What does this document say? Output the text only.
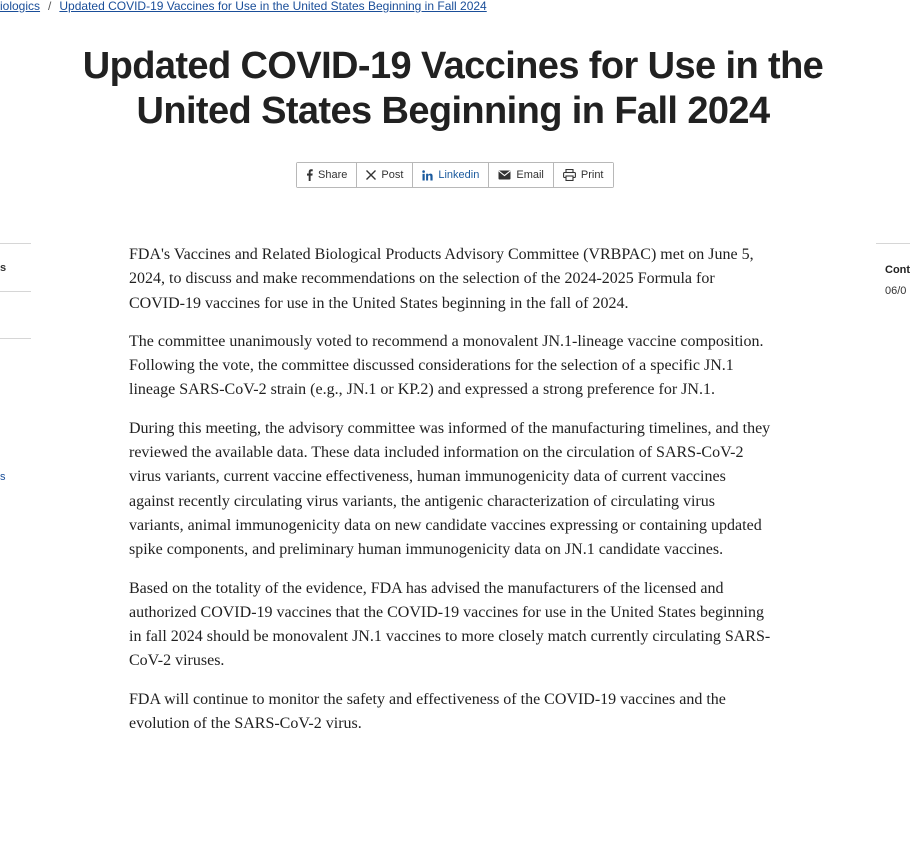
iologics / Updated COVID-19 Vaccines for Use in the United States Beginning in Fall 2024
Updated COVID-19 Vaccines for Use in the United States Beginning in Fall 2024
Share	Post	Linkedin	Email	Print
s
s
Cont
06/0

FDA's Vaccines and Related Biological Products Advisory Committee (VRBPAC) met on June 5, 2024, to discuss and make recommendations on the selection of the 2024-2025 Formula for COVID-19 vaccines for use in the United States beginning in the fall of 2024.

The committee unanimously voted to recommend a monovalent JN.1-lineage vaccine composition. Following the vote, the committee discussed considerations for the selection of a specific JN.1 lineage SARS-CoV-2 strain (e.g., JN.1 or KP.2) and expressed a strong preference for JN.1.

During this meeting, the advisory committee was informed of the manufacturing timelines, and they reviewed the available data. These data included information on the circulation of SARS-CoV-2 virus variants, current vaccine effectiveness, human immunogenicity data of current vaccines against recently circulating virus variants, the antigenic characterization of circulating virus variants, animal immunogenicity data on new candidate vaccines expressing or containing updated spike components, and preliminary human immunogenicity data on JN.1 candidate vaccines.

Based on the totality of the evidence, FDA has advised the manufacturers of the licensed and authorized COVID-19 vaccines that the COVID-19 vaccines for use in the United States beginning in fall 2024 should be monovalent JN.1 vaccines to more closely match currently circulating SARS-CoV-2 viruses.

FDA will continue to monitor the safety and effectiveness of the COVID-19 vaccines and the evolution of the SARS-CoV-2 virus.
